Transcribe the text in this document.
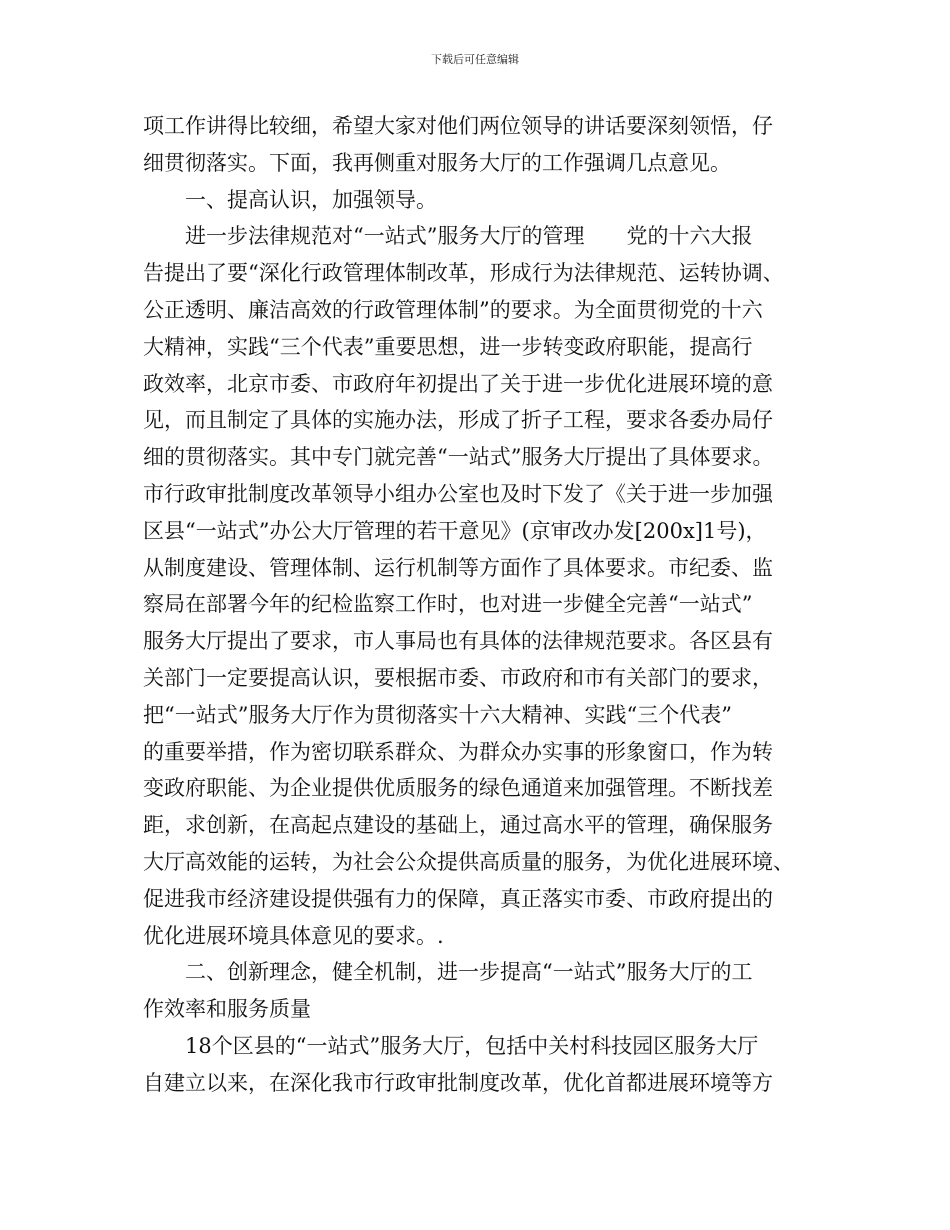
下载后可任意编辑
项工作讲得比较细，希望大家对他们两位领导的讲话要深刻领悟，仔
细贯彻落实。下面，我再侧重对服务大厅的工作强调几点意见。
一、提高认识，加强领导。
进一步法律规范对“一站式”服务大厅的管理　　党的十六大报
告提出了要“深化行政管理体制改革，形成行为法律规范、运转协调、
公正透明、廉洁高效的行政管理体制”的要求。为全面贯彻党的十六
大精神，实践“三个代表”重要思想，进一步转变政府职能，提高行
政效率，北京市委、市政府年初提出了关于进一步优化进展环境的意
见，而且制定了具体的实施办法，形成了折子工程，要求各委办局仔
细的贯彻落实。其中专门就完善“一站式”服务大厅提出了具体要求。
市行政审批制度改革领导小组办公室也及时下发了《关于进一步加强
区县“一站式”办公大厅管理的若干意见》(京审改办发[200x]1号)，
从制度建设、管理体制、运行机制等方面作了具体要求。市纪委、监
察局在部署今年的纪检监察工作时，也对进一步健全完善“一站式”
服务大厅提出了要求，市人事局也有具体的法律规范要求。各区县有
关部门一定要提高认识，要根据市委、市政府和市有关部门的要求，
把“一站式”服务大厅作为贯彻落实十六大精神、实践“三个代表”
的重要举措，作为密切联系群众、为群众办实事的形象窗口，作为转
变政府职能、为企业提供优质服务的绿色通道来加强管理。不断找差
距，求创新，在高起点建设的基础上，通过高水平的管理，确保服务
大厅高效能的运转，为社会公众提供高质量的服务，为优化进展环境、
促进我市经济建设提供强有力的保障，真正落实市委、市政府提出的
优化进展环境具体意见的要求。.
二、创新理念，健全机制，进一步提高“一站式”服务大厅的工
作效率和服务质量
18个区县的“一站式”服务大厅，包括中关村科技园区服务大厅
自建立以来，在深化我市行政审批制度改革，优化首都进展环境等方
